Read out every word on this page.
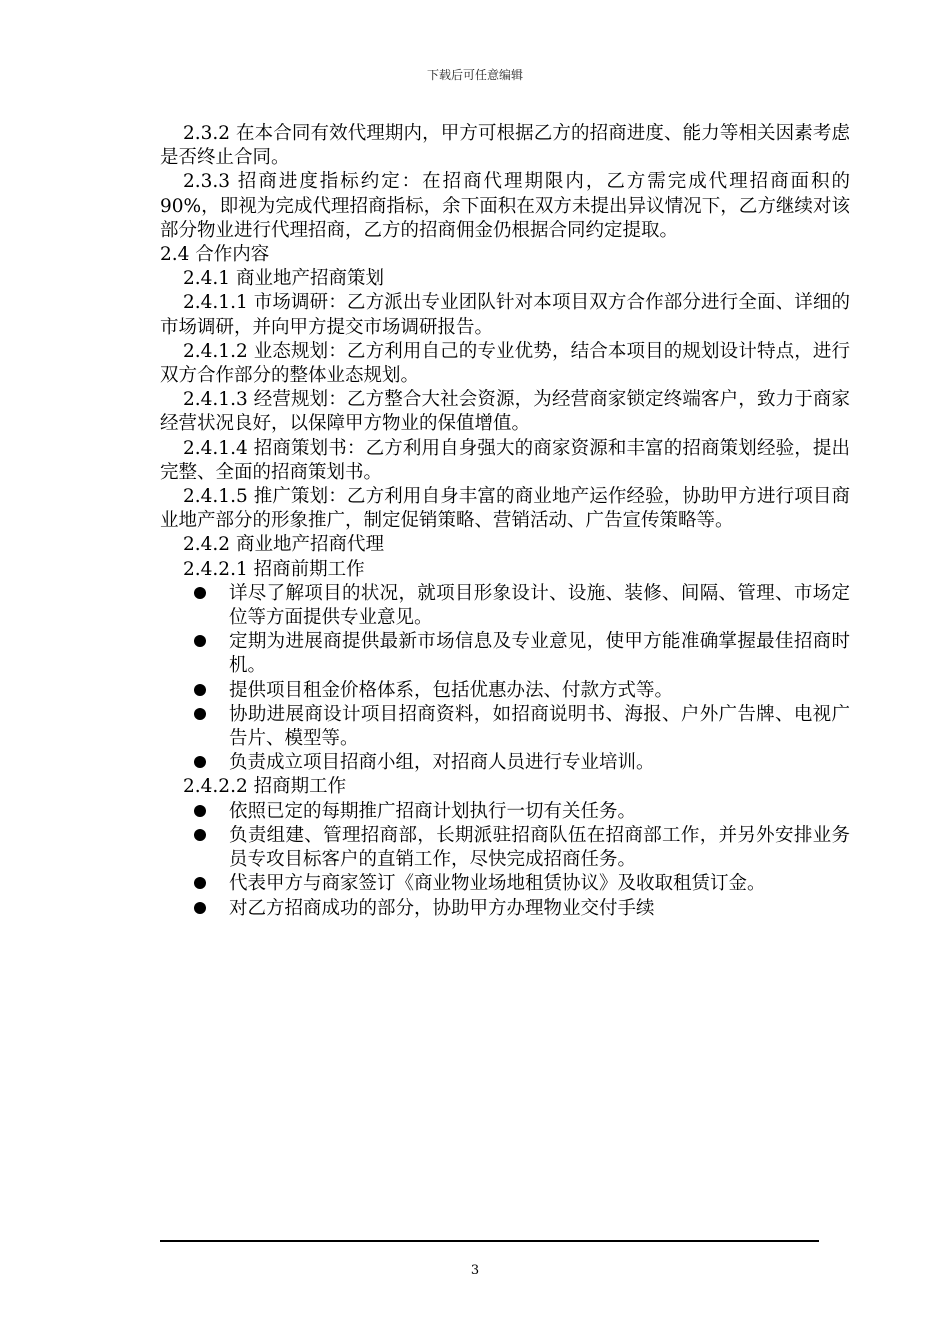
下载后可任意编辑

2.3.2 在本合同有效代理期内，甲方可根据乙方的招商进度、能力等相关因素考虑是否终止合同。

2.3.3 招商进度指标约定：在招商代理期限内，乙方需完成代理招商面积的 90%，即视为完成代理招商指标，余下面积在双方未提出异议情况下，乙方继续对该部分物业进行代理招商，乙方的招商佣金仍根据合同约定提取。

2.4 合作内容

2.4.1 商业地产招商策划

2.4.1.1 市场调研：乙方派出专业团队针对本项目双方合作部分进行全面、详细的市场调研，并向甲方提交市场调研报告。

2.4.1.2 业态规划：乙方利用自己的专业优势，结合本项目的规划设计特点，进行双方合作部分的整体业态规划。

2.4.1.3 经营规划：乙方整合大社会资源，为经营商家锁定终端客户，致力于商家经营状况良好，以保障甲方物业的保值增值。

2.4.1.4 招商策划书：乙方利用自身强大的商家资源和丰富的招商策划经验，提出完整、全面的招商策划书。

2.4.1.5 推广策划：乙方利用自身丰富的商业地产运作经验，协助甲方进行项目商业地产部分的形象推广，制定促销策略、营销活动、广告宣传策略等。

2.4.2 商业地产招商代理

2.4.2.1 招商前期工作

详尽了解项目的状况，就项目形象设计、设施、装修、间隔、管理、市场定位等方面提供专业意见。
定期为进展商提供最新市场信息及专业意见，使甲方能准确掌握最佳招商时机。
提供项目租金价格体系，包括优惠办法、付款方式等。
协助进展商设计项目招商资料，如招商说明书、海报、户外广告牌、电视广告片、模型等。
负责成立项目招商小组，对招商人员进行专业培训。

2.4.2.2 招商期工作

依照已定的每期推广招商计划执行一切有关任务。
负责组建、管理招商部，长期派驻招商队伍在招商部工作，并另外安排业务员专攻目标客户的直销工作，尽快完成招商任务。
代表甲方与商家签订《商业物业场地租赁协议》及收取租赁订金。
对乙方招商成功的部分，协助甲方办理物业交付手续
3
